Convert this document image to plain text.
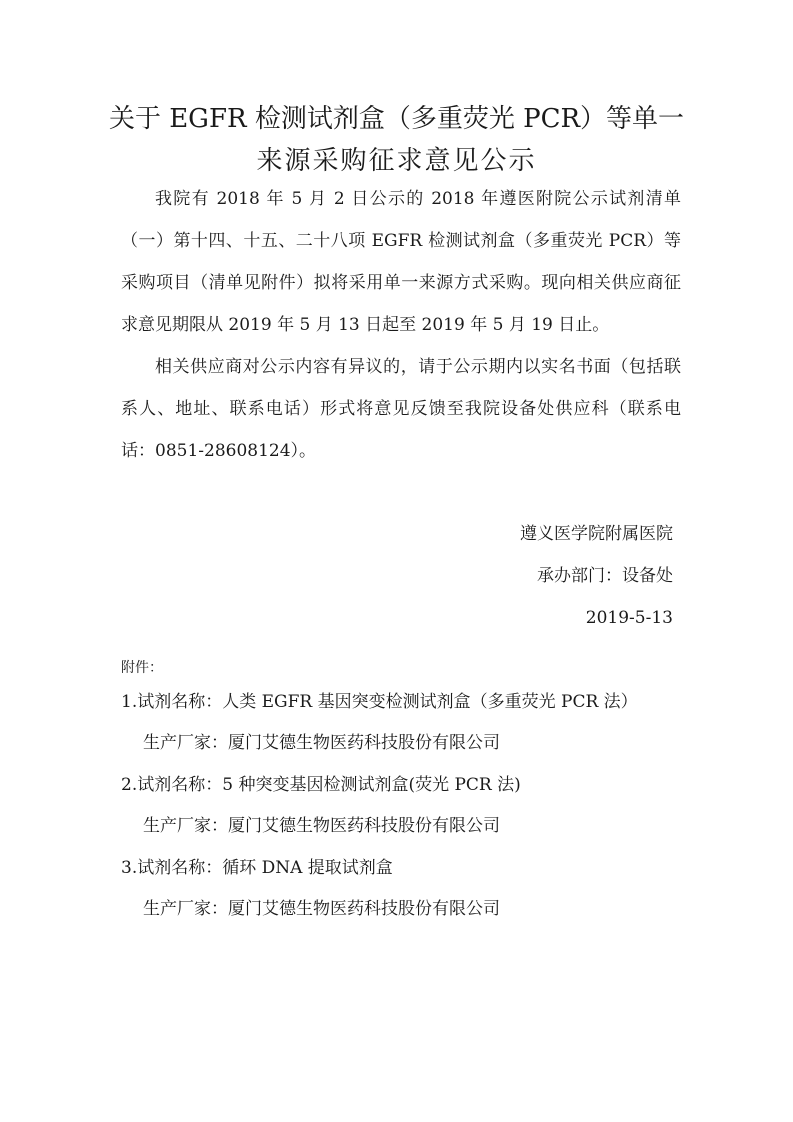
关于 EGFR 检测试剂盒（多重荧光 PCR）等单一
来源采购征求意见公示
我院有 2018 年 5 月 2 日公示的 2018 年遵医附院公示试剂清单（一）第十四、十五、二十八项 EGFR 检测试剂盒（多重荧光 PCR）等采购项目（清单见附件）拟将采用单一来源方式采购。现向相关供应商征求意见期限从 2019 年 5 月 13 日起至 2019 年 5 月 19 日止。
相关供应商对公示内容有异议的，请于公示期内以实名书面（包括联系人、地址、联系电话）形式将意见反馈至我院设备处供应科（联系电话：0851-28608124）。
遵义医学院附属医院
承办部门：设备处
2019-5-13
附件：
1.试剂名称：人类 EGFR 基因突变检测试剂盒（多重荧光 PCR 法）
生产厂家：厦门艾德生物医药科技股份有限公司
2.试剂名称：5 种突变基因检测试剂盒(荧光 PCR 法)
生产厂家：厦门艾德生物医药科技股份有限公司
3.试剂名称：循环 DNA 提取试剂盒
生产厂家：厦门艾德生物医药科技股份有限公司
